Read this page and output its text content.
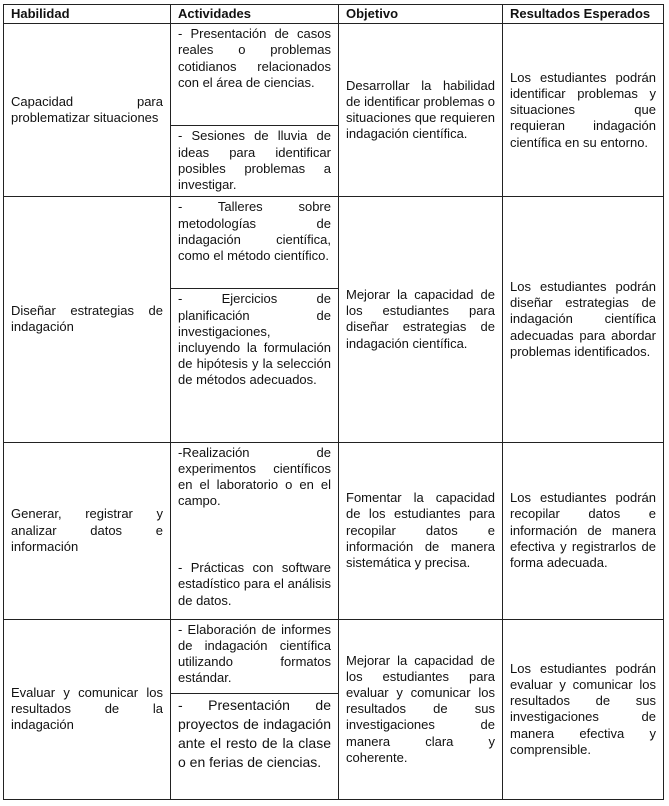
Habilidad	Actividades	Objetivo	Resultados Esperados
Capacidad para problematizar situaciones	- Presentación de casos reales o problemas cotidianos relacionados con el área de ciencias.	Desarrollar la habilidad de identificar problemas o situaciones que requieren indagación científica.	Los estudiantes podrán identificar problemas y situaciones que requieran indagación científica en su entorno.
	- Sesiones de lluvia de ideas para identificar posibles problemas a investigar.		
Diseñar estrategias de indagación	- Talleres sobre metodologías de indagación científica, como el método científico.	Mejorar la capacidad de los estudiantes para diseñar estrategias de indagación científica.	Los estudiantes podrán diseñar estrategias de indagación científica adecuadas para abordar problemas identificados.
	- Ejercicios de planificación de investigaciones, incluyendo la formulación de hipótesis y la selección de métodos adecuados.		
Generar, registrar y analizar datos e información	-Realización de experimentos científicos en el laboratorio o en el campo.	Fomentar la capacidad de los estudiantes para recopilar datos e información de manera sistemática y precisa.	Los estudiantes podrán recopilar datos e información de manera efectiva y registrarlos de forma adecuada.
	- Prácticas con software estadístico para el análisis de datos.		
Evaluar y comunicar los resultados de la indagación	- Elaboración de informes de indagación científica utilizando formatos estándar.	Mejorar la capacidad de los estudiantes para evaluar y comunicar los resultados de sus investigaciones de manera clara y coherente.	Los estudiantes podrán evaluar y comunicar los resultados de sus investigaciones de manera efectiva y comprensible.
	- Presentación de proyectos de indagación ante el resto de la clase o en ferias de ciencias.		
